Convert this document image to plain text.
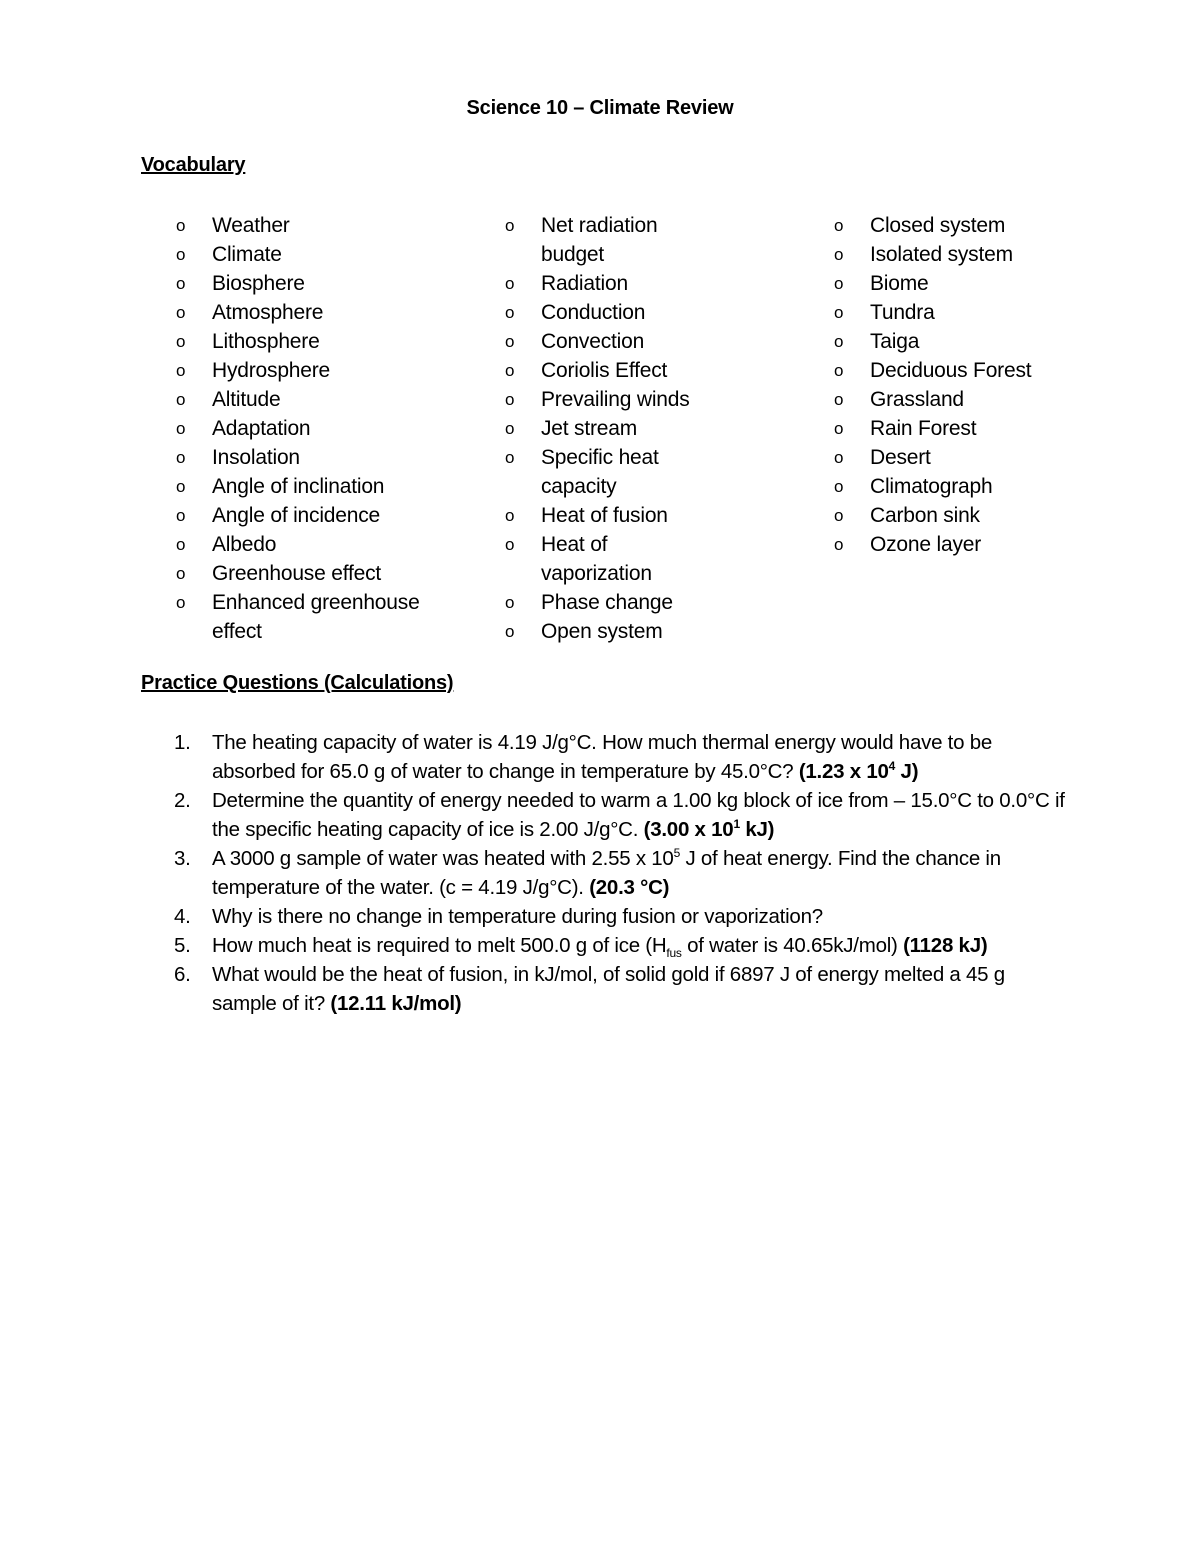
Science 10 – Climate Review
Vocabulary
o Weather
o Climate
o Biosphere
o Atmosphere
o Lithosphere
o Hydrosphere
o Altitude
o Adaptation
o Insolation
o Angle of inclination
o Angle of incidence
o Albedo
o Greenhouse effect
o Enhanced greenhouse effect
o Net radiation budget
o Radiation
o Conduction
o Convection
o Coriolis Effect
o Prevailing winds
o Jet stream
o Specific heat capacity
o Heat of fusion
o Heat of vaporization
o Phase change
o Open system
o Closed system
o Isolated system
o Biome
o Tundra
o Taiga
o Deciduous Forest
o Grassland
o Rain Forest
o Desert
o Climatograph
o Carbon sink
o Ozone layer
Practice Questions (Calculations)
1. The heating capacity of water is 4.19 J/g°C. How much thermal energy would have to be absorbed for 65.0 g of water to change in temperature by 45.0°C? (1.23 x $10^4$ J)
2. Determine the quantity of energy needed to warm a 1.00 kg block of ice from – 15.0°C to 0.0°C if the specific heating capacity of ice is 2.00 J/g°C. (3.00 x $10^1$ kJ)
3. A 3000 g sample of water was heated with 2.55 x $10^5$ J of heat energy. Find the chance in temperature of the water. (c = 4.19 J/g°C). (20.3 °C)
4. Why is there no change in temperature during fusion or vaporization?
5. How much heat is required to melt 500.0 g of ice ($H_{fus}$ of water is 40.65kJ/mol) (1128 kJ)
6. What would be the heat of fusion, in kJ/mol, of solid gold if 6897 J of energy melted a 45 g sample of it? (12.11 kJ/mol)
